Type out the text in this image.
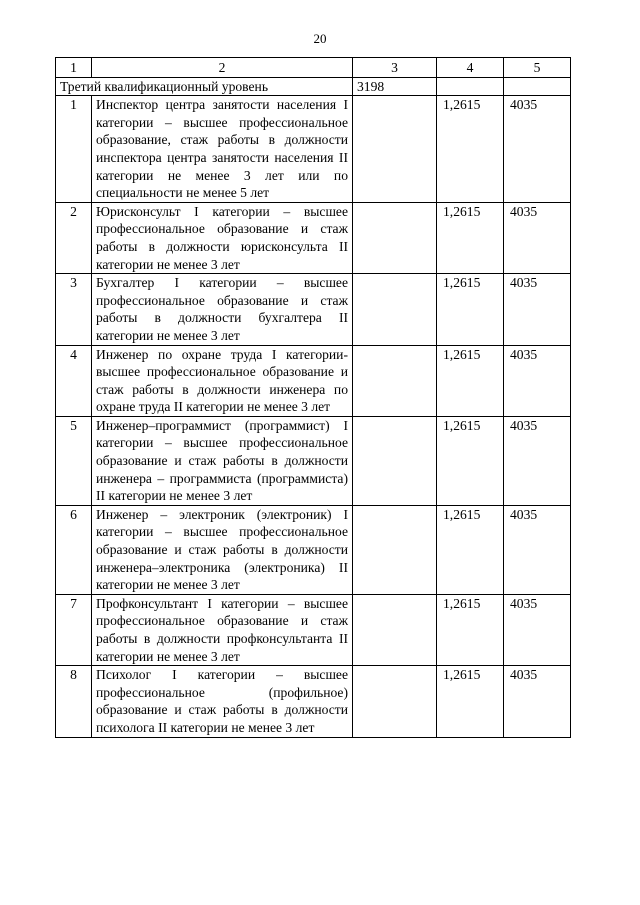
20
1	2	3	4	5
Третий квалификационный уровень		3198		
1	Инспектор центра занятости населения I категории – высшее профессиональное образование, стаж работы в должности инспектора центра занятости населения II категории не менее 3 лет или по специальности не менее 5 лет		1,2615	4035
2	Юрисконсульт I категории – высшее профессиональное образование и стаж работы в должности юрисконсульта II категории не менее 3 лет		1,2615	4035
3	Бухгалтер I категории – высшее профессиональное образование и стаж работы в должности бухгалтера II категории не менее 3 лет		1,2615	4035
4	Инженер по охране труда I категории-высшее профессиональное образование и стаж работы в должности инженера по охране труда II категории не менее 3 лет		1,2615	4035
5	Инженер–программист (программист) I категории – высшее профессиональное образование и стаж работы в должности инженера – программиста (программиста) II категории не менее 3 лет		1,2615	4035
6	Инженер – электроник (электроник) I категории – высшее профессиональное образование и стаж работы в должности инженера–электроника (электроника) II категории не менее 3 лет		1,2615	4035
7	Профконсультант I категории – высшее профессиональное образование и стаж работы в должности профконсультанта II категории не менее 3 лет		1,2615	4035
8	Психолог I категории – высшее профессиональное (профильное) образование и стаж работы в должности психолога II категории не менее 3 лет		1,2615	4035
